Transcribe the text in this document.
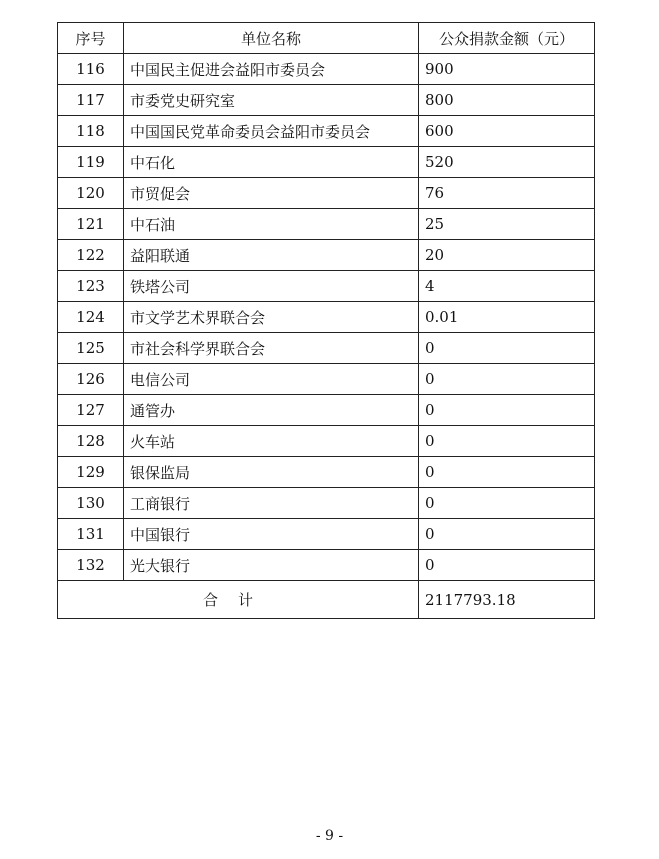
序号	单位名称	公众捐款金额（元）
116	中国民主促进会益阳市委员会	900
117	市委党史研究室	800
118	中国国民党革命委员会益阳市委员会	600
119	中石化	520
120	市贸促会	76
121	中石油	25
122	益阳联通	20
123	铁塔公司	4
124	市文学艺术界联合会	0.01
125	市社会科学界联合会	0
126	电信公司	0
127	通管办	0
128	火车站	0
129	银保监局	0
130	工商银行	0
131	中国银行	0
132	光大银行	0
合计		2117793.18
- 9 -
